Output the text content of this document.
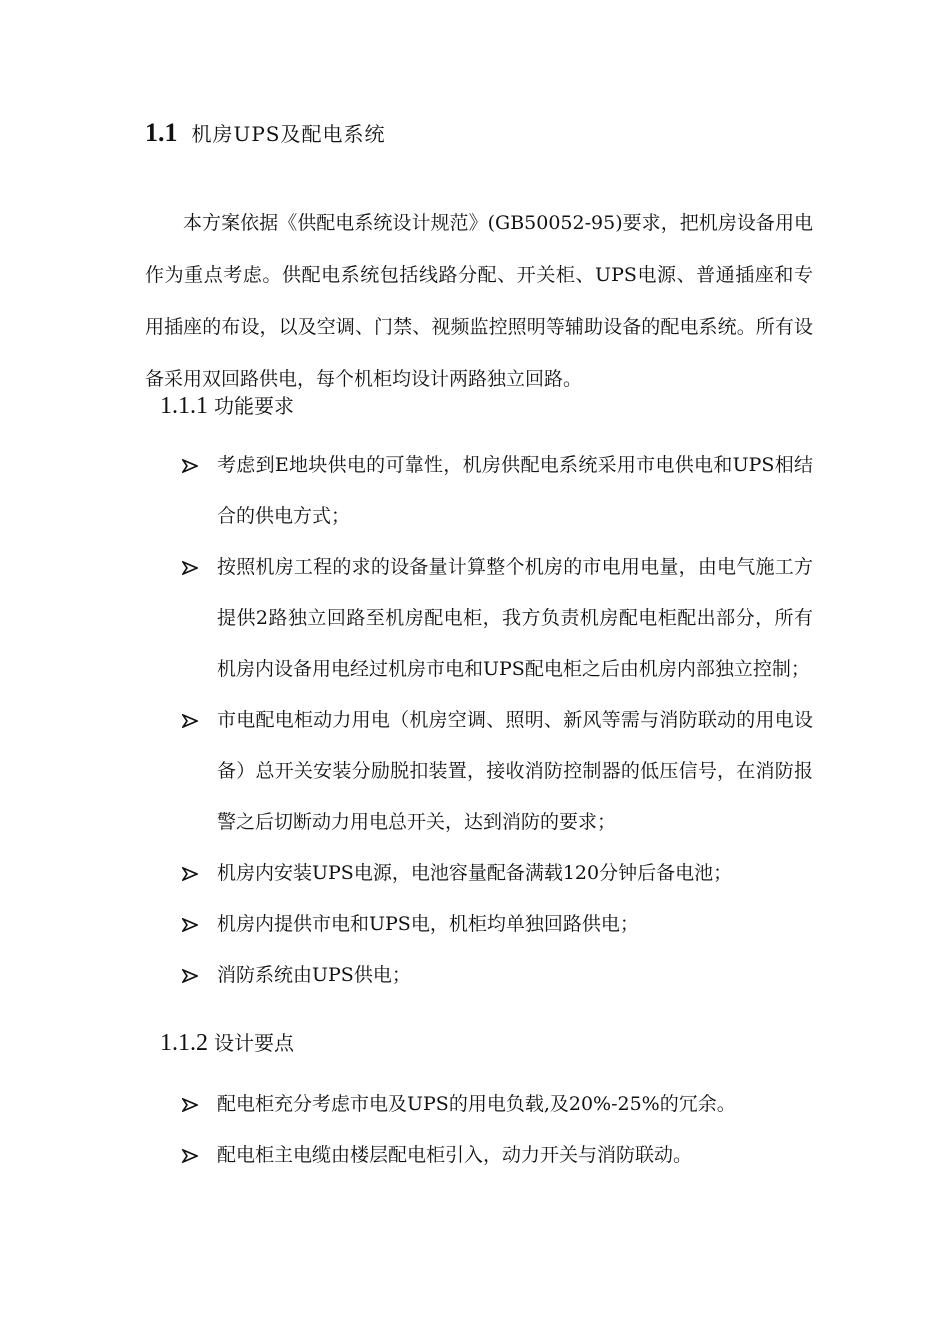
1.1 机房UPS及配电系统

本方案依据《供配电系统设计规范》(GB50052-95)要求，把机房设备用电作为重点考虑。供配电系统包括线路分配、开关柜、UPS电源、普通插座和专用插座的布设，以及空调、门禁、视频监控照明等辅助设备的配电系统。所有设备采用双回路供电，每个机柜均设计两路独立回路。

1.1.1 功能要求
考虑到E地块供电的可靠性，机房供配电系统采用市电供电和UPS相结合的供电方式；
按照机房工程的求的设备量计算整个机房的市电用电量，由电气施工方提供2路独立回路至机房配电柜，我方负责机房配电柜配出部分，所有机房内设备用电经过机房市电和UPS配电柜之后由机房内部独立控制；
市电配电柜动力用电（机房空调、照明、新风等需与消防联动的用电设备）总开关安装分励脱扣装置，接收消防控制器的低压信号，在消防报警之后切断动力用电总开关，达到消防的要求；
机房内安装UPS电源，电池容量配备满载120分钟后备电池；
机房内提供市电和UPS电，机柜均单独回路供电；
消防系统由UPS供电；
1.1.2 设计要点
配电柜充分考虑市电及UPS的用电负载,及20%-25%的冗余。
配电柜主电缆由楼层配电柜引入，动力开关与消防联动。
